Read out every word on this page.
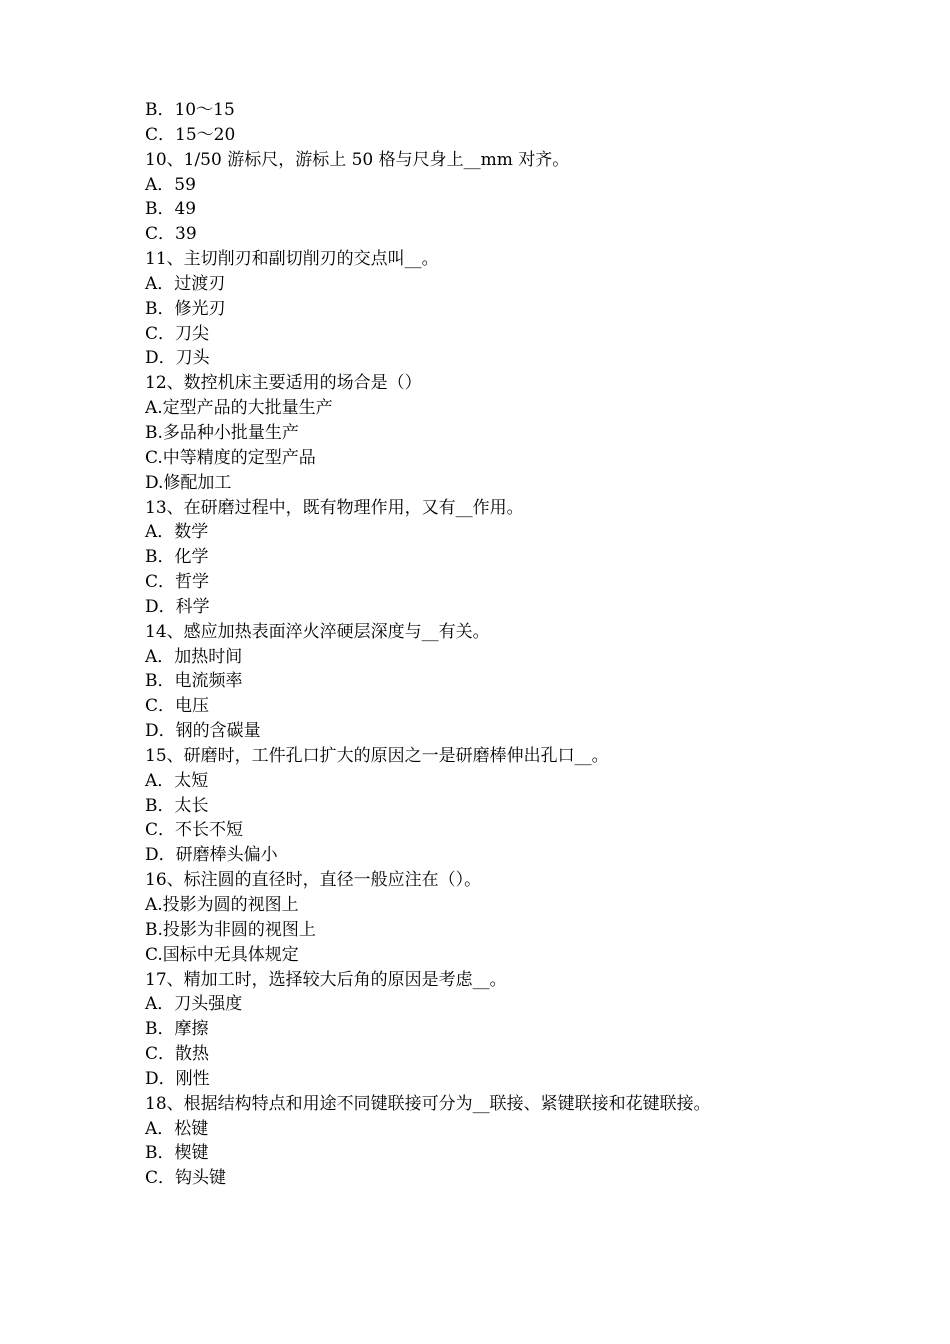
B．10～15
C．15～20
10、1/50 游标尺，游标上 50 格与尺身上__mm 对齐。
A．59
B．49
C．39
11、主切削刃和副切削刃的交点叫__。
A．过渡刃
B．修光刃
C．刀尖
D．刀头
12、数控机床主要适用的场合是（）
A.定型产品的大批量生产
B.多品种小批量生产
C.中等精度的定型产品
D.修配加工
13、在研磨过程中，既有物理作用，又有__作用。
A．数学
B．化学
C．哲学
D．科学
14、感应加热表面淬火淬硬层深度与__有关。
A．加热时间
B．电流频率
C．电压
D．钢的含碳量
15、研磨时，工件孔口扩大的原因之一是研磨棒伸出孔口__。
A．太短
B．太长
C．不长不短
D．研磨棒头偏小
16、标注圆的直径时，直径一般应注在（）。
A.投影为圆的视图上
B.投影为非圆的视图上
C.国标中无具体规定
17、精加工时，选择较大后角的原因是考虑__。
A．刀头强度
B．摩擦
C．散热
D．刚性
18、根据结构特点和用途不同键联接可分为__联接、紧键联接和花键联接。
A．松键
B．楔键
C．钩头键
